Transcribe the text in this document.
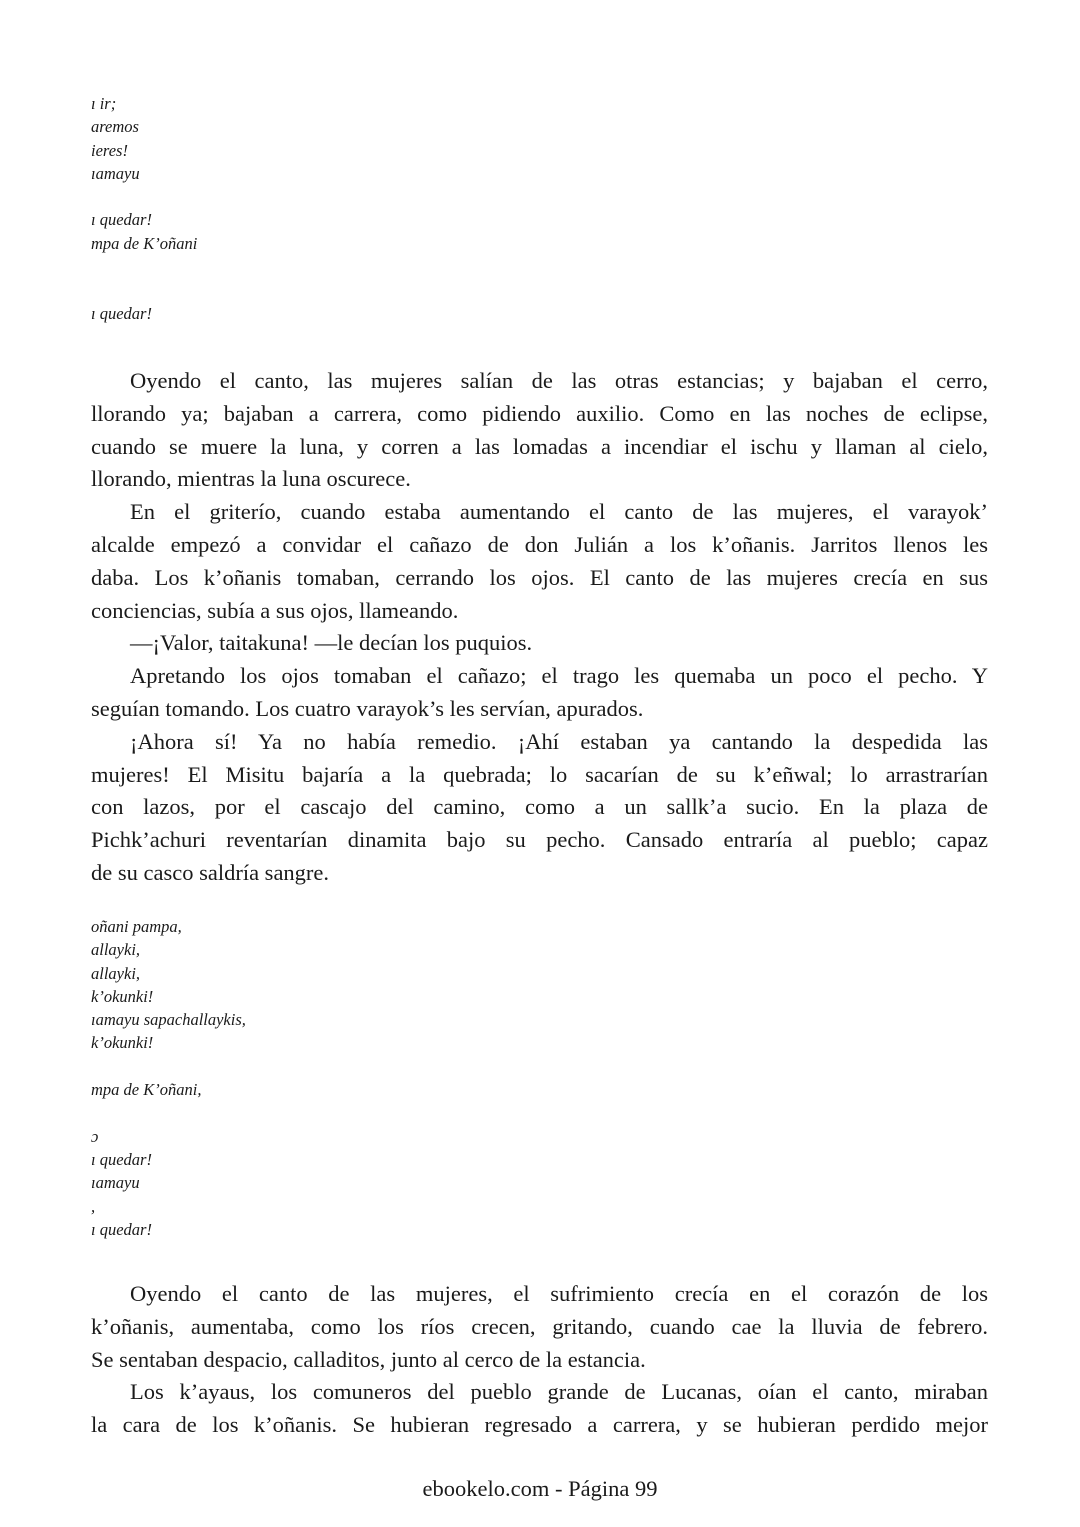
ı ir;
aremos
ieres!
ıamayu
ı quedar!
mpa de K’oñani
ı quedar!
Oyendo el canto, las mujeres salían de las otras estancias; y bajaban el cerro,
llorando ya; bajaban a carrera, como pidiendo auxilio. Como en las noches de eclipse,
cuando se muere la luna, y corren a las lomadas a incendiar el ischu y llaman al cielo,
llorando, mientras la luna oscurece.
En el griterío, cuando estaba aumentando el canto de las mujeres, el varayok’
alcalde empezó a convidar el cañazo de don Julián a los k’oñanis. Jarritos llenos les
daba. Los k’oñanis tomaban, cerrando los ojos. El canto de las mujeres crecía en sus
conciencias, subía a sus ojos, llameando.
—¡Valor, taitakuna! —le decían los puquios.
Apretando los ojos tomaban el cañazo; el trago les quemaba un poco el pecho. Y
seguían tomando. Los cuatro varayok’s les servían, apurados.
¡Ahora sí! Ya no había remedio. ¡Ahí estaban ya cantando la despedida las
mujeres! El Misitu bajaría a la quebrada; lo sacarían de su k’eñwal; lo arrastrarían
con lazos, por el cascajo del camino, como a un sallk’a sucio. En la plaza de
Pichk’achuri reventarían dinamita bajo su pecho. Cansado entraría al pueblo; capaz
de su casco saldría sangre.
oñani pampa,
allayki,
allayki,
k’okunki!
ıamayu sapachallaykis,
k’okunki!
mpa de K’oñani,
ɔ
ı quedar!
ıamayu
,
ı quedar!
Oyendo el canto de las mujeres, el sufrimiento crecía en el corazón de los
k’oñanis, aumentaba, como los ríos crecen, gritando, cuando cae la lluvia de febrero.
Se sentaban despacio, calladitos, junto al cerco de la estancia.
Los k’ayaus, los comuneros del pueblo grande de Lucanas, oían el canto, miraban
la cara de los k’oñanis. Se hubieran regresado a carrera, y se hubieran perdido mejor
ebookelo.com - Página 99
